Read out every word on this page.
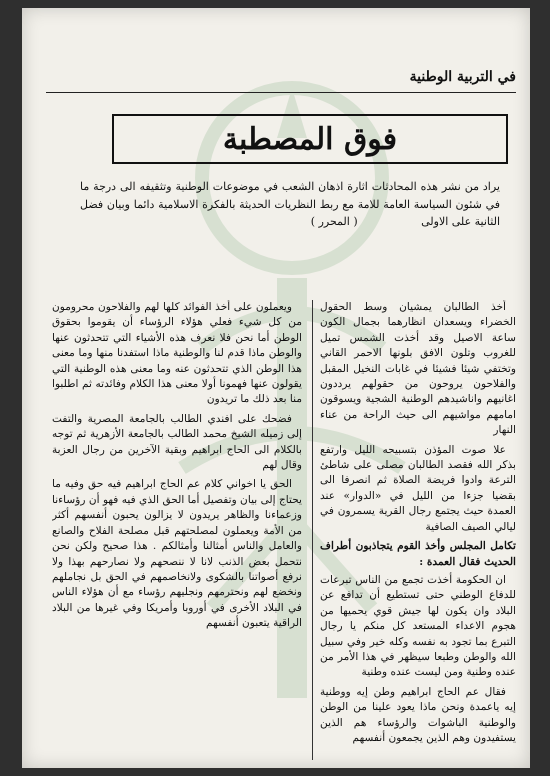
في التربية الوطنية
فوق المصطبة
يراد من نشر هذه المحادثات اثارة اذهان الشعب في موضوعات الوطنية وتثقيفه الى درجة ما في شئون السياسة العامة للامة مع ربط النظريات الحديثة بالفكرة الاسلامية دائما وبيان فضل الثانية على الاولى ( المحرر )

أخذ الطالبان يمشيان وسط الحقول الخضراء ويسعدان انظارهما بجمال الكون ساعة الاصيل وقد أخذت الشمس تميل للغروب وتلون الافق بلونها الاحمر القاني وتختفي شيئا فشيئا في غابات النخيل المقبل والفلاحون يروحون من حقولهم يرددون اغانيهم واناشيدهم الوطنية الشجية ويسوقون امامهم مواشيهم الى حيث الراحة من عناء النهار

علا صوت المؤذن بتسبيحه الليل وارتفع بذكر الله فقصد الطالبان مصلى على شاطئ الترعة وادوا فريضة الصلاة ثم انصرفا الى بقضيا جزءا من الليل في «الدوار» عند العمدة حيث يجتمع رجال القرية يسمرون في ليالي الصيف الصافية

تكامل المجلس وأخذ القوم يتجاذبون أطراف الحديث فقال العمدة :

ان الحكومة أخذت تجمع من الناس تبرعات للدفاع الوطني حتى تستطيع أن تدافع عن البلاد وان يكون لها جيش قوي يحميها من هجوم الاعداء المستعد كل منكم يا رجال التبرع بما تجود به نفسه وكله خير وفي سبيل الله والوطن وطبعا سيظهر في هذا الأمر من عنده وطنية ومن ليست عنده وطنية

فقال عم الحاج ابراهيم وطن إيه ووطنية إيه ياعمدة ونحن ماذا يعود علينا من الوطن والوطنية الباشوات والرؤساء هم الذين يستفيدون وهم الذين يجمعون أنفسهم

ويعملون على أخذ الفوائد كلها لهم والفلاحون محرومون من كل شيء فعلي هؤلاء الرؤساء أن يقوموا بحقوق الوطن أما نحن فلا نعرف هذه الأشياء التي تتحدثون عنها والوطن ماذا قدم لنا والوطنية ماذا استفدنا منها وما معنى هذا الوطن الذي تتحدثون عنه وما معنى هذه الوطنية التي يقولون عنها فهمونا أولا معنى هذا الكلام وفائدته ثم اطلبوا منا بعد ذلك ما تريدون

فضحك على افندي الطالب بالجامعة المصرية والتفت إلى زميله الشيخ محمد الطالب بالجامعة الأزهرية ثم توجه بالكلام الى الحاج ابراهيم وبقية الآخرين من رجال العزبة وقال لهم

الحق يا اخواني كلام عم الحاج ابراهيم فيه حق وفيه ما يحتاج إلى بيان وتفصيل أما الحق الذي فيه فهو أن رؤساءنا وزعماءنا والظاهر يريدون لا يزالون يحبون أنفسهم أكثر من الأمة ويعملون لمصلحتهم قبل مصلحة الفلاح والصانع والعامل والناس أمثالنا وأمثالكم . هذا صحيح ولكن نحن نتحمل بعض الذنب لانا لا ننصحهم ولا نصارحهم بهذا ولا نرفع أصواتنا بالشكوى ولانخاصمهم في الحق بل نجاملهم ونخضع لهم ونحترمهم ونجليهم رؤساء مع أن هؤلاء الناس في البلاد الأخرى في أوروبا وأمريكا وفي غيرها من البلاد الراقية يتعبون أنفسهم
